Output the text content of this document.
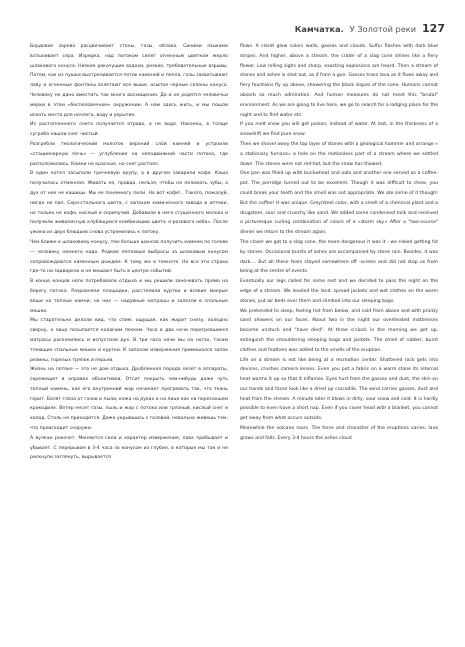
Камчатка. У Золотой реки 127

Бордовое зарево расцвечивает стены, газы, облака. Синими языками вспыхивает сера. Изредка, над потоком силят огненным цветком жерло шлакового конуса. Низкие рокочущие вздохи, резкие, требовательные взрывы. Потом, как из пушки выстреливается поток каменей и пепла, газы захватывают лаву и огненные фонтаны взлетают все выше, осыпая черные склоны конуса. Человеку не дано вместить так много восхищения. Да и не родятся человечьи мерки в этом «беспеловечном» окружении. А нам здесь жить, и мы пошли искать место для ночлега, воду и укрытие.

Из растопленного снега получается отрава, а не вода. Наконец, в толще сугроба нашли снег чистый.

Разгребли теологический молоток верхний слой камней и устроили «стационарную печь» — углубление на неподвижной части потока, где расположились. Камни не красные, но снег растаял.

В один котел засыпали гречневую крупу, а в другом заварили кофе. Каша получилась отменная. Живать ее, правда, нельзя, чтобы не поломать зубы, а дух от нее не кашицы. Мы ее понемногу пили. Но вот кофе!.. Такого, пожалуй, нигде не пил. Серо-стального цвета, с запахом химического завода и аптеки, но только не кофе, кислый и скрипучий. Добавили в него сгущенного молока и получили живописную клубящуюся комбинацию цвета «грозового неба». После ужина из двух блюдьев снова устремились к потоку.

Чем ближе к шлаковому конусу, тем больше шансов получить камнем по голове — человеку немного надо. Редкие пепловые выбросы за шлаковым конусом сопровождаются каменным дождем. К тому же в темноте. Но все эти страхи где-то на задворках и не мешают быть в центре событий.

В конце концов ноги потребовали отдыха и мы решили заночевать прямо на берегу потока. Разровняли площадки, расстелили куртки и всякие мокрые вещи на теплые камни, на них — надувные матрацы и залезли в спальные мешки.

Мы старательно делали вид, что спим, ощущая, как жарит снизу, холодно сверху, а лицо посыпается колючим песком. Часа в два ночи перегревшиеся матрасы расклеились и испустили дух. В три часа ночи мы на ногах, тасим тлеющие спальные мешки и куртки. К запахам извержения примешался запах резины, горелых тряпок и перьев.

Жизнь на потоке — это не дом отдыха. Дробленная порода лезет в аппараты, скрежещет в оправах объективов. Отсит покрыть чем-нибудь даже чуть теплый камень, как его внутренний жар начинает прогревать так, что ткань горит. Болят глаза от газов и пыли, кожа на руках и на лице как на пересохшем крокодиле. Ветер несет газы, пыль и жар с потока или грязный, кислый снег и холод. Сталь не приходится. Даже укрывшись с головой, невольно живешь тем, что происходит снаружи.

А вулкан рокочет. Меняются сила и характер извержения, лава прибывает и убывает. С перерывом в 3-4 часа за конусом из глубин, в которые мы так и не рискнули заглянуть, вырывается

flows. A claret glow colors walls, gasses and clouds. Sulfur flashes with dark blue stripes. And higher, above a stream, the crater of a slag cone shines like a fiery flower. Low rolling sighs and sharp, exacting explosions are heard. Then a stream of stones and ashes is shot out, as if from a gun. Gasses trace lava as it flows away and fiery fountains fly up above, showering the black slopes of the cone. Humans cannot absorb so much admiration. And human measures do not meet this "brutal" environment. As we are going to live here, we go to search for a lodging place for the night and to find water etc.

If you melt snow you will get poison, instead of water. At last, in the thickness of a snowdrift we find pure snow.

Then we shovel away the top layer of stones with a geological hammer and arrange « a stationary furnace» a hole on the motionless part of a stream where we settled down. The stones were not red-hot, but the snow has thawed.

One pan was filled up with buckwheat and oats and another one served as a coffee-pot. The porridge turned out to be excellent. Though it was difficult to chew, you could break your teeth and the smell was not appropriate. We ate some of it though! But the coffee! It was unique. Grey/steel color, with a smell of a chemical plant and a drugstore, sour and crunchy like sand. We added some condensed milk and received a picturesque curling combination of colors of a «storm sky.» After a "two-course" dinner we return to the stream again.

The closer we got to a slag cone, the more dangerous it was it - we risked getting hit by stones. Occasional bursts of ashes are accompanied by stone rain. Besides, it was dark.... But all these fears stayed somewhere off -screen and did not stop us from being at the centre of events.

Eventually our legs called for some rest and we decided to pass the night on the edge of a stream. We leveled the land, spread jackets and wet clothes on the warm stones, put air beds over them and climbed into our sleeping bags.

We pretended to sleep, feeling hot from below, and cold from above and with prickly sand showers on our faces. About two in the night our overheated mattresses become unstuck and "have died". At three o'clock in the morning we get up, extinguish the smouldering sleeping bags and jackets. The smell of rubber, burnt clothes and feathers was added to the smells of the eruption.

Life on a stream is not like being at a recreation center. Shattered rock gets into devices, crushes camera lenses. Even you put a fabric on a warm stone its internal heat warms it up so that it inflames. Eyes hurt from the gasses and dust, the skin on our hands and faces look like a dried up crocodile. The wind carries gasses, dust and heat from the stream. A minute later it blows in dirty, sour snow and cold. It is hardly possible to even have a short nap. Even if you cover head with a blanket, you cannot get away from what occurs outside.

Meanwhile the volcano roars. The force and character of the eruptions varies, lava grows and falls. Every 3-4 hours the ashes cloud
